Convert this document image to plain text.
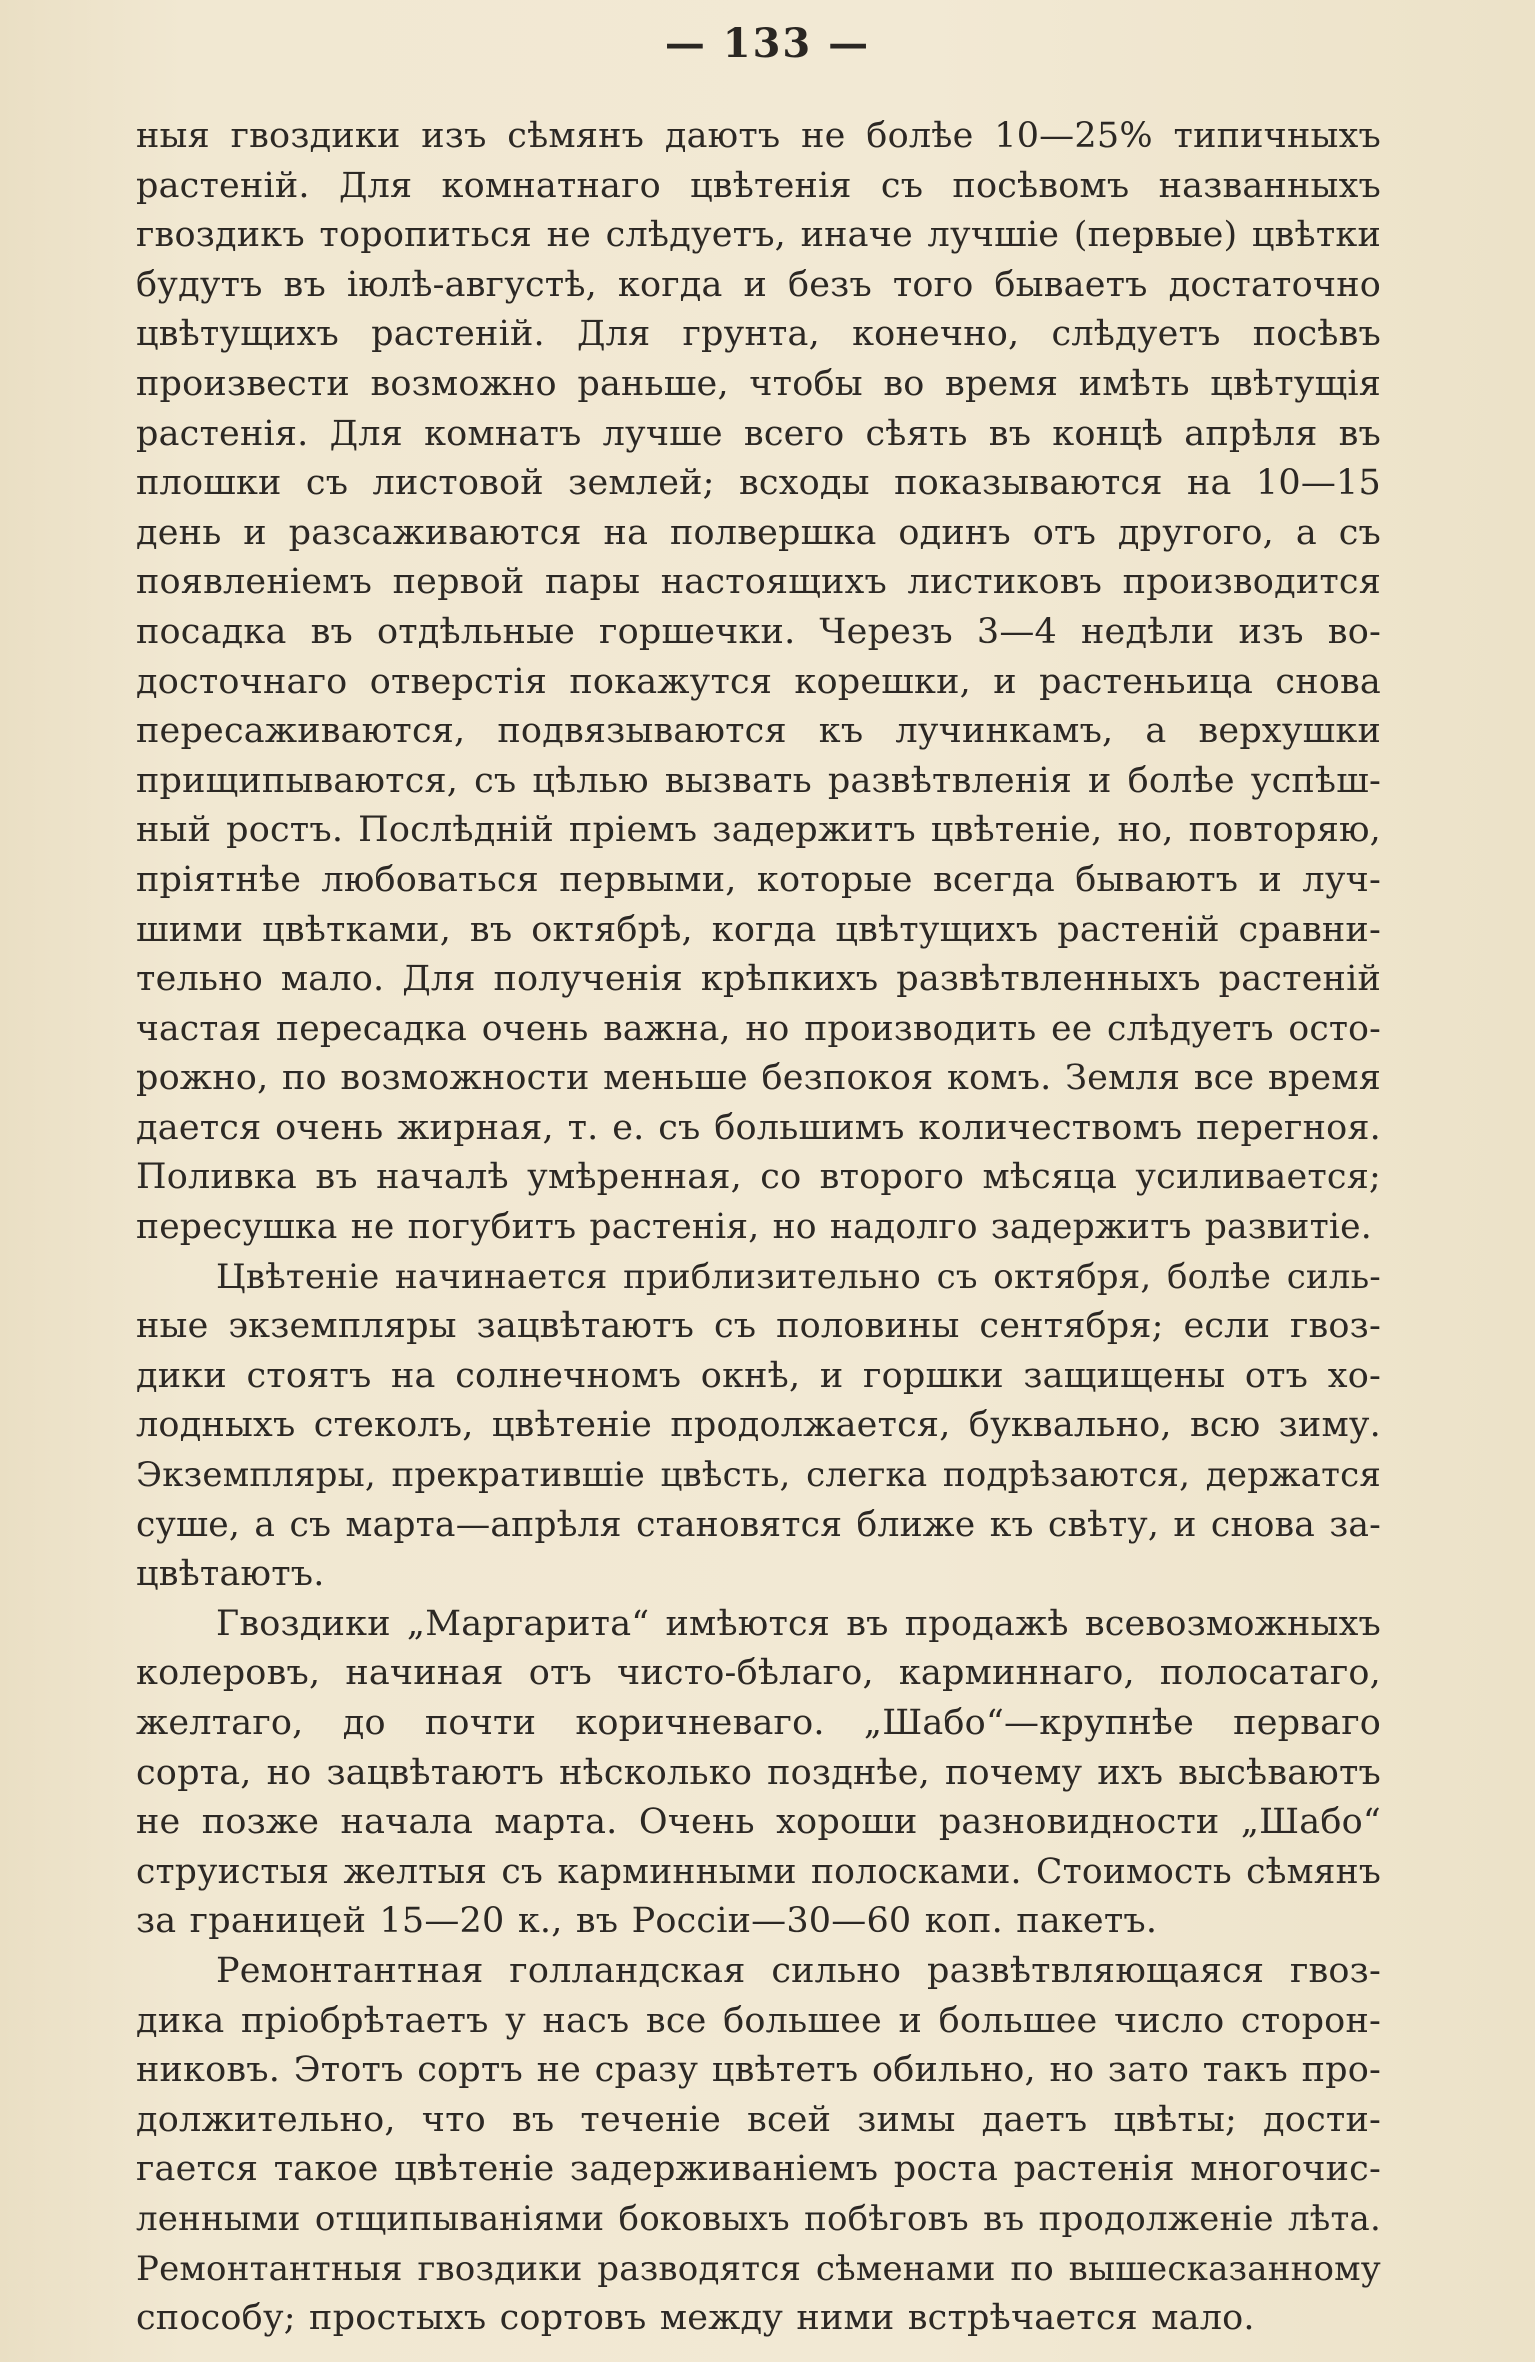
— 133 —
ныя гвоздики изъ сѣмянъ даютъ не болѣе 10—25% типичныхъ
растеній. Для комнатнаго цвѣтенія съ посѣвомъ названныхъ
гвоздикъ торопиться не слѣдуетъ, иначе лучшіе (первые) цвѣтки
будутъ въ іюлѣ-августѣ, когда и безъ того бываетъ достаточно
цвѣтущихъ растеній. Для грунта, конечно, слѣдуетъ посѣвъ
произвести возможно раньше, чтобы во время имѣть цвѣтущія
растенія. Для комнатъ лучше всего сѣять въ концѣ апрѣля въ
плошки съ листовой землей; всходы показываются на 10—15
день и разсаживаются на полвершка одинъ отъ другого, а съ
появленіемъ первой пары настоящихъ листиковъ производится
посадка въ отдѣльные горшечки. Черезъ 3—4 недѣли изъ во-
досточнаго отверстія покажутся корешки, и растеньица снова
пересаживаются, подвязываются къ лучинкамъ, а верхушки
прищипываются, съ цѣлью вызвать развѣтвленія и болѣе успѣш-
ный ростъ. Послѣдній пріемъ задержитъ цвѣтеніе, но, повторяю,
пріятнѣе любоваться первыми, которые всегда бываютъ и луч-
шими цвѣтками, въ октябрѣ, когда цвѣтущихъ растеній сравни-
тельно мало. Для полученія крѣпкихъ развѣтвленныхъ растеній
частая пересадка очень важна, но производить ее слѣдуетъ осто-
рожно, по возможности меньше безпокоя комъ. Земля все время
дается очень жирная, т. е. съ большимъ количествомъ перегноя.
Поливка въ началѣ умѣренная, со второго мѣсяца усиливается;
пересушка не погубитъ растенія, но надолго задержитъ развитіе.
Цвѣтеніе начинается приблизительно съ октября, болѣе силь-
ные экземпляры зацвѣтаютъ съ половины сентября; если гвоз-
дики стоятъ на солнечномъ окнѣ, и горшки защищены отъ хо-
лодныхъ стеколъ, цвѣтеніе продолжается, буквально, всю зиму.
Экземпляры, прекратившіе цвѣсть, слегка подрѣзаются, держатся
суше, а съ марта—апрѣля становятся ближе къ свѣту, и снова за-
цвѣтаютъ.
Гвоздики „Маргарита“ имѣются въ продажѣ всевозможныхъ
колеровъ, начиная отъ чисто-бѣлаго, карминнаго, полосатаго,
желтаго, до почти коричневаго. „Шабо“—крупнѣе перваго
сорта, но зацвѣтаютъ нѣсколько позднѣе, почему ихъ высѣваютъ
не позже начала марта. Очень хороши разновидности „Шабо“
струистыя желтыя съ карминными полосками. Стоимость сѣмянъ
за границей 15—20 к., въ Россіи—30—60 коп. пакетъ.
Ремонтантная голландская сильно развѣтвляющаяся гвоз-
дика пріобрѣтаетъ у насъ все большее и большее число сторон-
никовъ. Этотъ сортъ не сразу цвѣтетъ обильно, но зато такъ про-
должительно, что въ теченіе всей зимы даетъ цвѣты; дости-
гается такое цвѣтеніе задерживаніемъ роста растенія многочис-
ленными отщипываніями боковыхъ побѣговъ въ продолженіе лѣта.
Ремонтантныя гвоздики разводятся сѣменами по вышесказанному
способу; простыхъ сортовъ между ними встрѣчается мало.
